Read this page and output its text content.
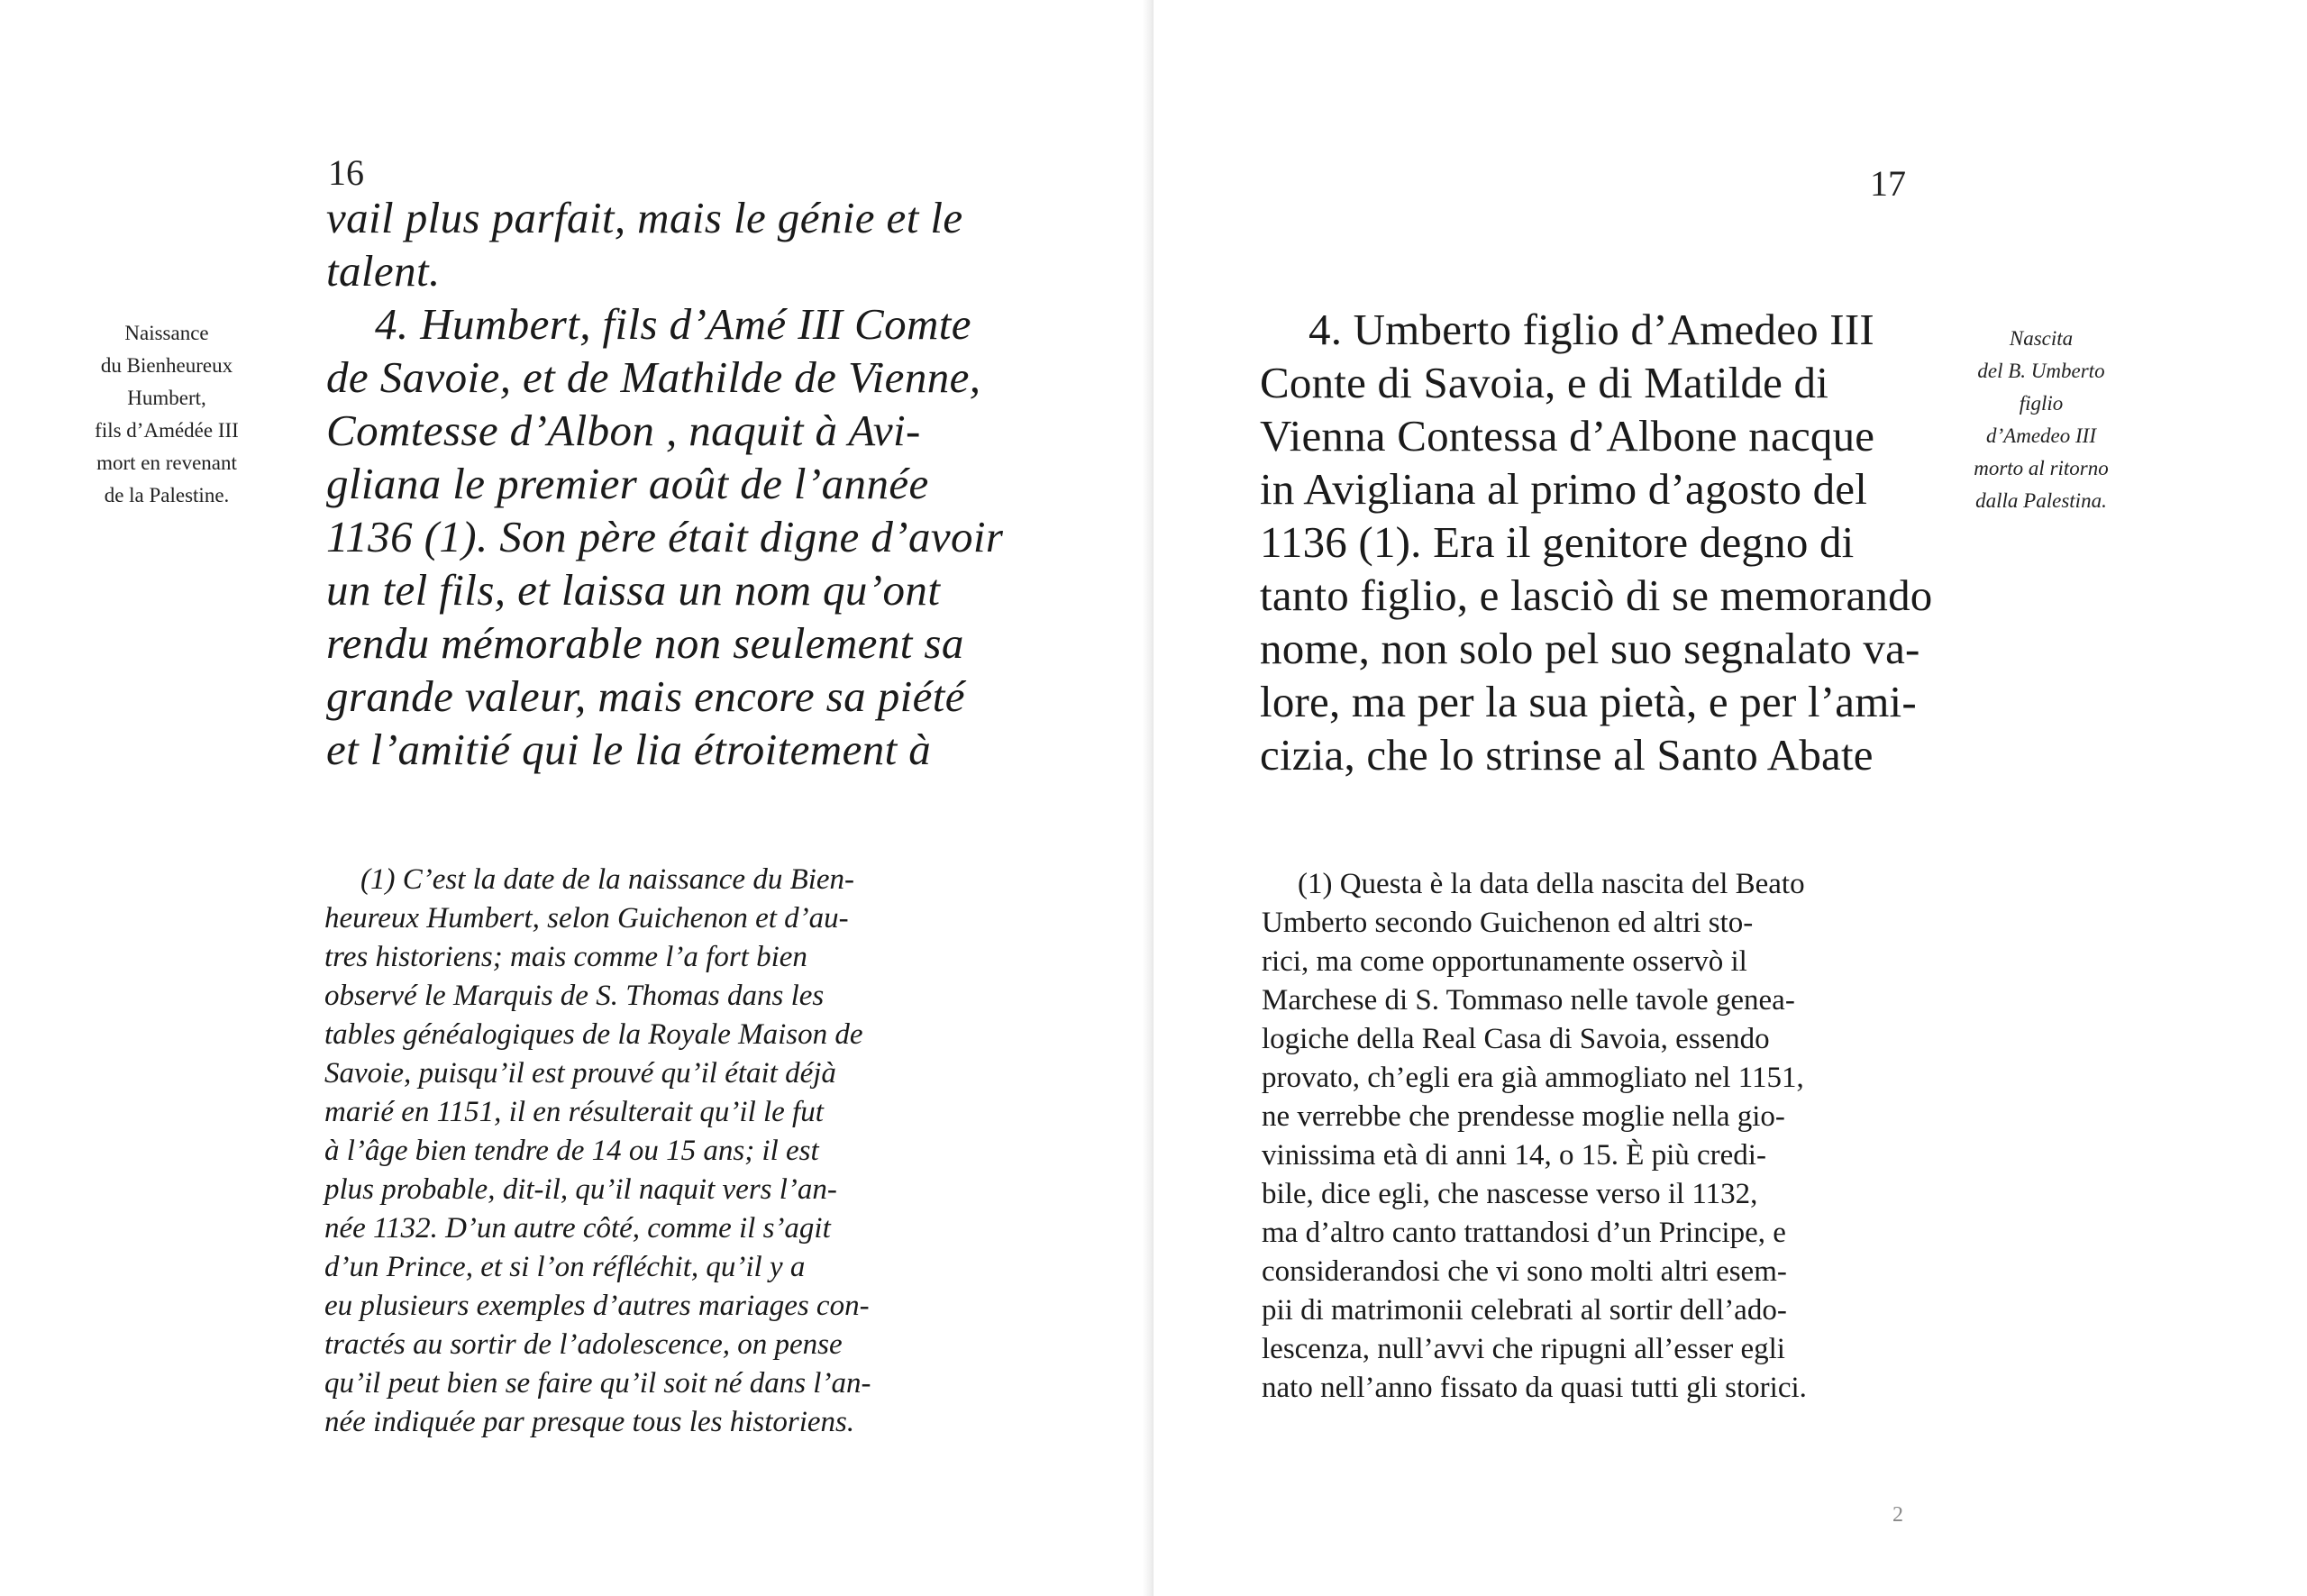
16
Naissance
du Bienheureux
Humbert,
fils d’Amédée III
mort en revenant
de la Palestine.
vail plus parfait, mais le génie et le
talent.
4. Humbert, fils d’Amé III Comte
de Savoie, et de Mathilde de Vienne,
Comtesse d’Albon , naquit à Avi-
gliana le premier août de l’année
1136 (1). Son père était digne d’avoir
un tel fils, et laissa un nom qu’ont
rendu mémorable non seulement sa
grande valeur, mais encore sa piété
et l’amitié qui le lia étroitement à
(1) C’est la date de la naissance du Bien-
heureux Humbert, selon Guichenon et d’au-
tres historiens; mais comme l’a fort bien
observé le Marquis de S. Thomas dans les
tables généalogiques de la Royale Maison de
Savoie, puisqu’il est prouvé qu’il était déjà
marié en 1151, il en résulterait qu’il le fut
à l’âge bien tendre de 14 ou 15 ans; il est
plus probable, dit-il, qu’il naquit vers l’an-
née 1132. D’un autre côté, comme il s’agit
d’un Prince, et si l’on réfléchit, qu’il y a
eu plusieurs exemples d’autres mariages con-
tractés au sortir de l’adolescence, on pense
qu’il peut bien se faire qu’il soit né dans l’an-
née indiquée par presque tous les historiens.
17
4. Umberto figlio d’Amedeo III
Conte di Savoia, e di Matilde di
Vienna Contessa d’Albone nacque
in Avigliana al primo d’agosto del
1136 (1). Era il genitore degno di
tanto figlio, e lasciò di se memorando
nome, non solo pel suo segnalato va-
lore, ma per la sua pietà, e per l’ami-
cizia, che lo strinse al Santo Abate
Nascita
del B. Umberto
figlio
d’Amedeo III
morto al ritorno
dalla Palestina.
(1) Questa è la data della nascita del Beato
Umberto secondo Guichenon ed altri sto-
rici, ma come opportunamente osservò il
Marchese di S. Tommaso nelle tavole genea-
logiche della Real Casa di Savoia, essendo
provato, ch’egli era già ammogliato nel 1151,
ne verrebbe che prendesse moglie nella gio-
vinissima età di anni 14, o 15. È più credi-
bile, dice egli, che nascesse verso il 1132,
ma d’altro canto trattandosi d’un Principe, e
considerandosi che vi sono molti altri esem-
pii di matrimonii celebrati al sortir dell’ado-
lescenza, null’avvi che ripugni all’esser egli
nato nell’anno fissato da quasi tutti gli storici.
2
